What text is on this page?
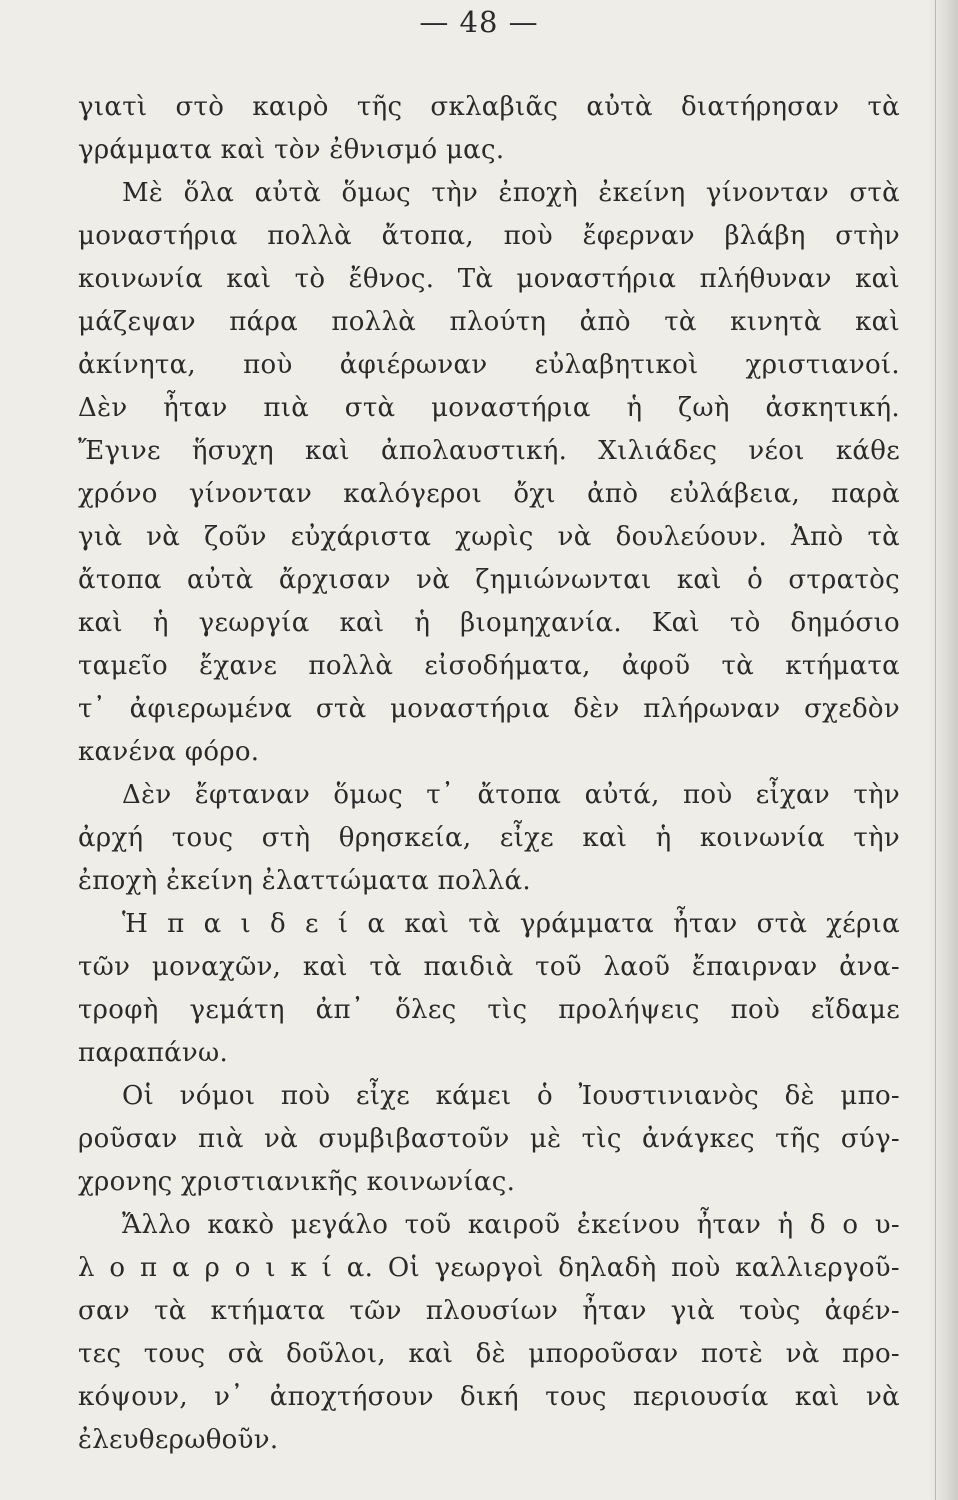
— 48 —
γιατὶ στὸ καιρὸ τῆς σκλαβιᾶς αὐτὰ διατήρησαν τὰ
γράμματα καὶ τὸν ἐθνισμό μας.
Μὲ ὅλα αὐτὰ ὅμως τὴν ἐποχὴ ἐκείνη γίνονταν στὰ
μοναστήρια πολλὰ ἄτοπα, ποὺ ἔφερναν βλάβη στὴν
κοινωνία καὶ τὸ ἔθνος. Τὰ μοναστήρια πλήθυναν καὶ
μάζεψαν πάρα πολλὰ πλούτη ἀπὸ τὰ κινητὰ καὶ
ἀκίνητα, ποὺ ἀφιέρωναν εὐλαβητικοὶ χριστιανοί.
Δὲν ἦταν πιὰ στὰ μοναστήρια ἡ ζωὴ ἀσκητική.
Ἔγινε ἥσυχη καὶ ἀπολαυστική. Χιλιάδες νέοι κάθε
χρόνο γίνονταν καλόγεροι ὄχι ἀπὸ εὐλάβεια, παρὰ
γιὰ νὰ ζοῦν εὐχάριστα χωρὶς νὰ δουλεύουν. Ἀπὸ τὰ
ἄτοπα αὐτὰ ἄρχισαν νὰ ζημιώνωνται καὶ ὁ στρατὸς
καὶ ἡ γεωργία καὶ ἡ βιομηχανία. Καὶ τὸ δημόσιο
ταμεῖο ἔχανε πολλὰ εἰσοδήματα, ἀφοῦ τὰ κτήματα
τ᾽ ἀφιερωμένα στὰ μοναστήρια δὲν πλήρωναν σχεδὸν
κανένα φόρο.
Δὲν ἔφταναν ὅμως τ᾽ ἄτοπα αὐτά, ποὺ εἶχαν τὴν
ἀρχή τους στὴ θρησκεία, εἶχε καὶ ἡ κοινωνία τὴν
ἐποχὴ ἐκείνη ἐλαττώματα πολλά.
Ἡ π α ι δ ε ί α καὶ τὰ γράμματα ἦταν στὰ χέρια
τῶν μοναχῶν, καὶ τὰ παιδιὰ τοῦ λαοῦ ἔπαιρναν ἀνα-
τροφὴ γεμάτη ἀπ᾽ ὅλες τὶς προλήψεις ποὺ εἴδαμε
παραπάνω.
Οἱ νόμοι ποὺ εἶχε κάμει ὁ Ἰουστινιανὸς δὲ μπο-
ροῦσαν πιὰ νὰ συμβιβαστοῦν μὲ τὶς ἀνάγκες τῆς σύγ-
χρονης χριστιανικῆς κοινωνίας.
Ἄλλο κακὸ μεγάλο τοῦ καιροῦ ἐκείνου ἦταν ἡ δ ο υ-
λ ο π α ρ ο ι κ ί α. Οἱ γεωργοὶ δηλαδὴ ποὺ καλλιεργοῦ-
σαν τὰ κτήματα τῶν πλουσίων ἦταν γιὰ τοὺς ἀφέν-
τες τους σὰ δοῦλοι, καὶ δὲ μποροῦσαν ποτὲ νὰ προ-
κόψουν, ν᾽ ἀποχτήσουν δική τους περιουσία καὶ νὰ
ἐλευθερωθοῦν.
